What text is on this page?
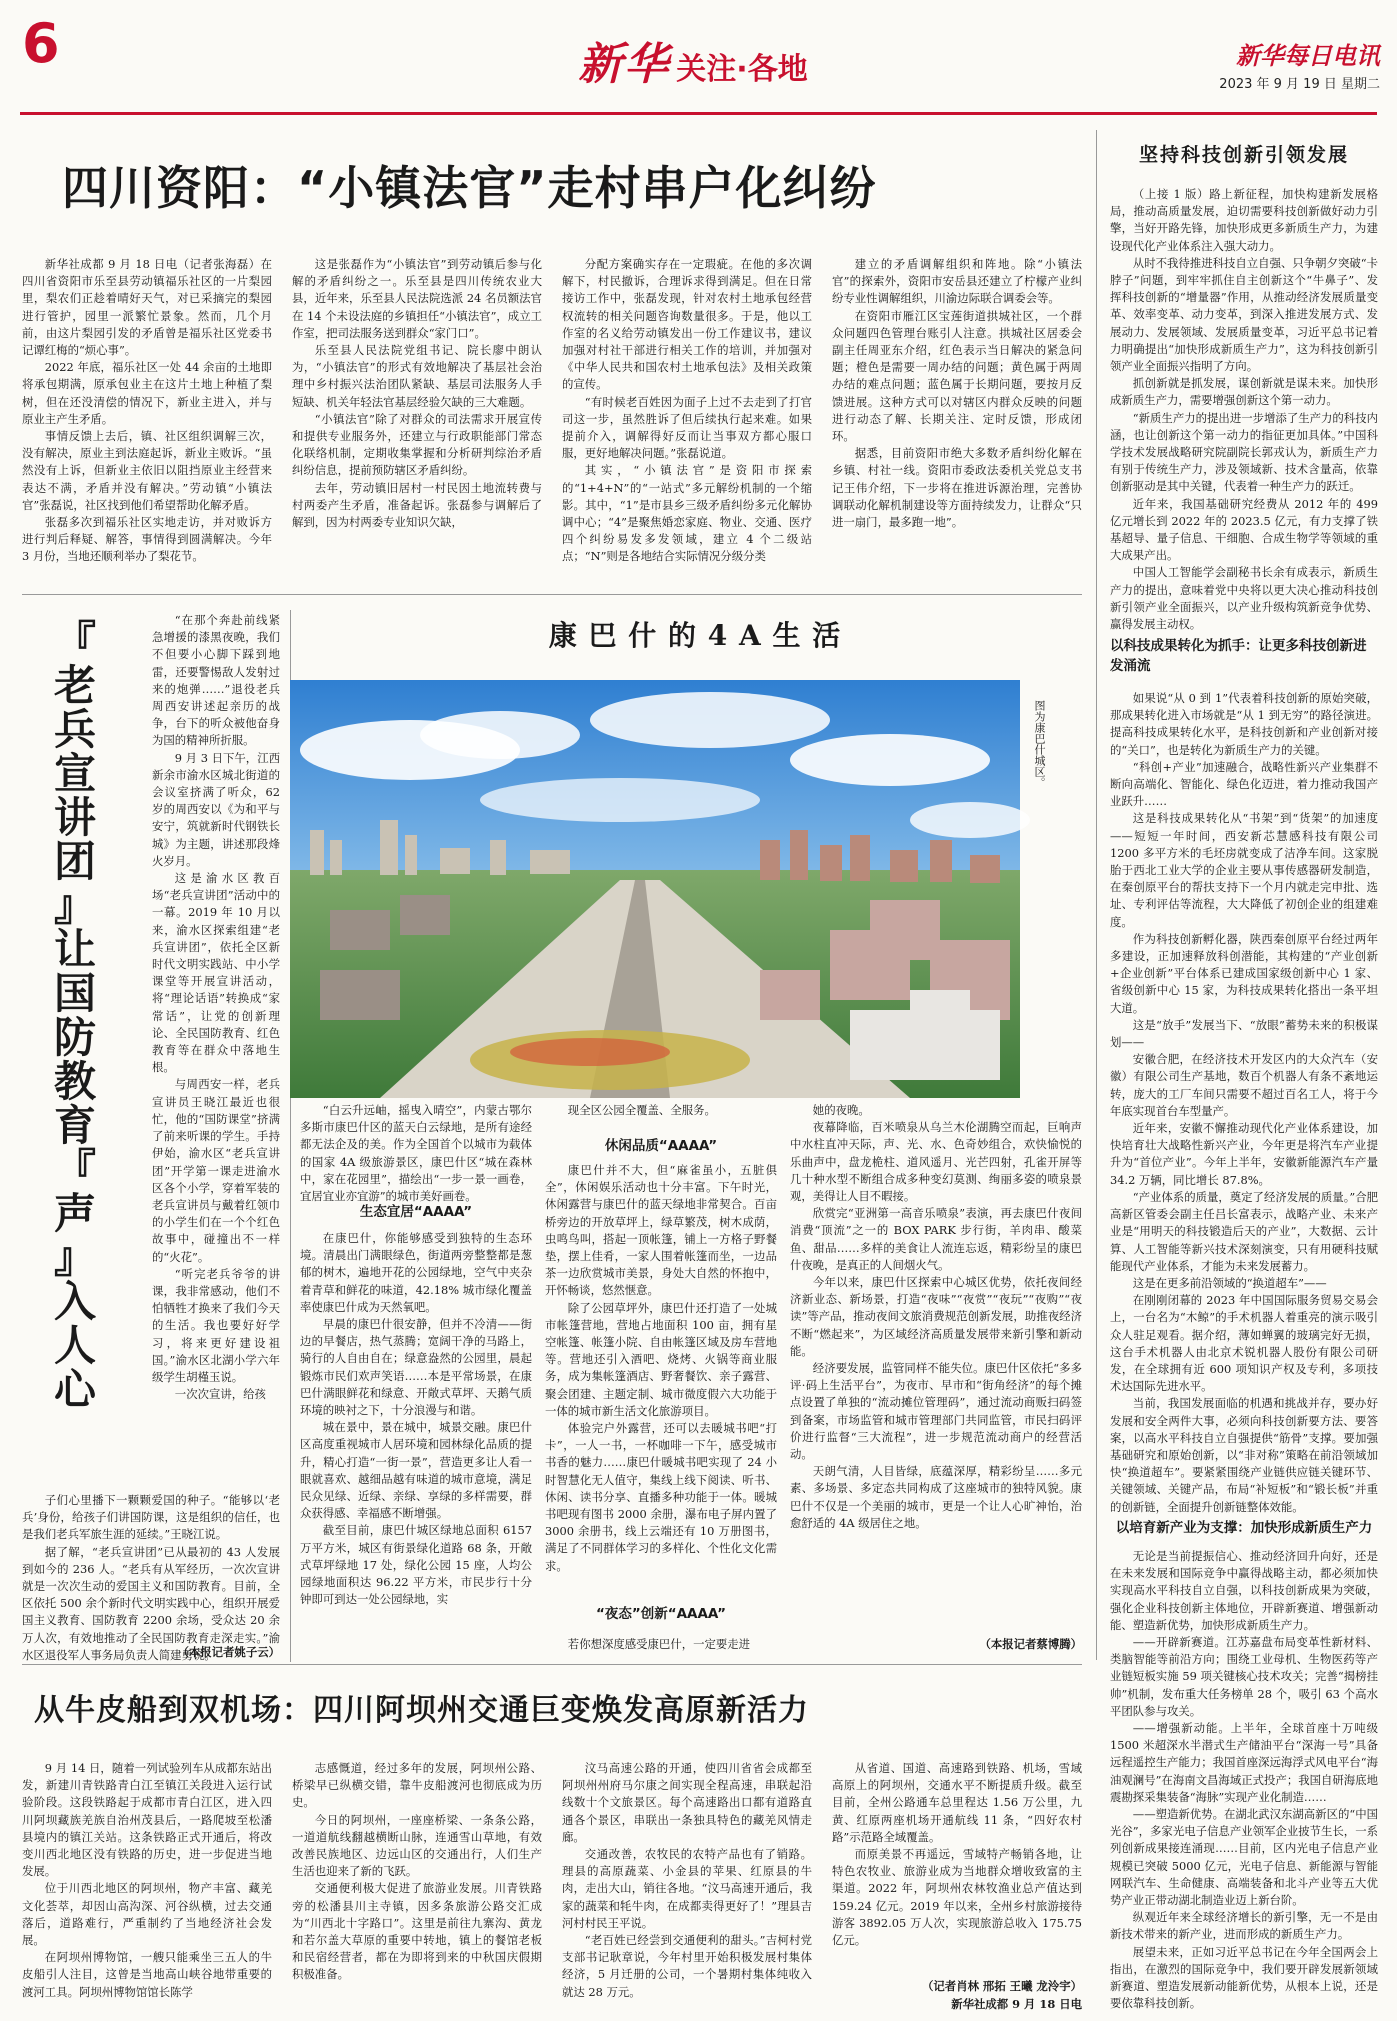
6	新华 关注·各地	新华每日电讯
2023 年 9 月 19 日 星期二
四川资阳：“小镇法官”走村串户化纠纷

新华社成都 9 月 18 日电（记者张海磊）在四川省资阳市乐至县劳动镇福乐社区的一片梨园里，梨农们正趁着晴好天气，对已采摘完的梨园进行管护，园里一派繁忙景象。然而，几个月前，由这片梨园引发的矛盾曾是福乐社区党委书记谭红梅的“烦心事”。

2022 年底，福乐社区一处 44 余亩的土地即将承包期满，原承包业主在这片土地上种植了梨树，但在还没清偿的情况下，新业主进入，并与原业主产生矛盾。

事情反馈上去后，镇、社区组织调解三次，没有解决，原业主到法庭起诉，新业主败诉。“虽然没有上诉，但新业主依旧以阻挡原业主经营来表达不满，矛盾并没有解决。”劳动镇“小镇法官”张磊说，社区找到他们希望帮助化解矛盾。

张磊多次到福乐社区实地走访，并对败诉方进行判后释疑、解答，事情得到圆满解决。今年 3 月份，当地还顺利举办了梨花节。

这是张磊作为“小镇法官”到劳动镇后参与化解的矛盾纠纷之一。乐至县是四川传统农业大县，近年来，乐至县人民法院选派 24 名员额法官在 14 个未设法庭的乡镇担任“小镇法官”，成立工作室，把司法服务送到群众“家门口”。

乐至县人民法院党组书记、院长廖中朗认为，“小镇法官”的形式有效地解决了基层社会治理中乡村振兴法治团队紧缺、基层司法服务人手短缺、机关年轻法官基层经验欠缺的三大难题。

“小镇法官”除了对群众的司法需求开展宣传和提供专业服务外，还建立与行政职能部门常态化联络机制，定期收集掌握和分析研判综治矛盾纠纷信息，提前预防辖区矛盾纠纷。

去年，劳动镇旧居村一村民因土地流转费与村两委产生矛盾，准备起诉。张磊参与调解后了解到，因为村两委专业知识欠缺，

分配方案确实存在一定瑕疵。在他的多次调解下，村民撤诉，合理诉求得到满足。但在日常接访工作中，张磊发现，针对农村土地承包经营权流转的相关问题咨询数量很多。于是，他以工作室的名义给劳动镇发出一份工作建议书，建议加强对村社干部进行相关工作的培训，并加强对《中华人民共和国农村土地承包法》及相关政策的宣传。

“有时候老百姓因为面子上过不去走到了打官司这一步，虽然胜诉了但后续执行起来难。如果提前介入，调解得好反而让当事双方都心服口服，更好地解决问题。”张磊说道。

其实，“小镇法官”是资阳市探索的“1+4+N”的“一站式”多元解纷机制的一个缩影。其中，“1”是市县乡三级矛盾纠纷多元化解协调中心；“4”是聚焦婚恋家庭、物业、交通、医疗四个纠纷易发多发领域，建立 4 个二级站点；“N”则是各地结合实际情况分级分类

建立的矛盾调解组织和阵地。除“小镇法官”的探索外，资阳市安岳县还建立了柠檬产业纠纷专业性调解组织，川渝边际联合调委会等。

在资阳市雁江区宝莲街道拱城社区，一个群众问题四色管理台账引人注意。拱城社区居委会副主任周亚东介绍，红色表示当日解决的紧急问题；橙色是需要一周办结的问题；黄色属于两周办结的难点问题；蓝色属于长期问题，要按月反馈进展。这种方式可以对辖区内群众反映的问题进行动态了解、长期关注、定时反馈，形成闭环。

据悉，目前资阳市绝大多数矛盾纠纷化解在乡镇、村社一线。资阳市委政法委机关党总支书记王伟介绍，下一步将在推进诉源治理，完善协调联动化解机制建设等方面持续发力，让群众“只进一扇门，最多跑一地”。

坚持科技创新引领发展

（上接 1 版）路上新征程，加快构建新发展格局，推动高质量发展，迫切需要科技创新做好动力引擎，当好开路先锋，加快形成更多新质生产力，为建设现代化产业体系注入强大动力。

从时不我待推进科技自立自强、只争朝夕突破“卡脖子”问题，到牢牢抓住自主创新这个“牛鼻子”、发挥科技创新的“增量器”作用，从推动经济发展质量变革、效率变革、动力变革，到深入推进发展方式、发展动力、发展领域、发展质量变革，习近平总书记着力明确提出“加快形成新质生产力”，这为科技创新引领产业全面振兴指明了方向。

抓创新就是抓发展，谋创新就是谋未来。加快形成新质生产力，需要增强创新这个第一动力。

“新质生产力的提出进一步增添了生产力的科技内涵，也让创新这个第一动力的指征更加具体。”中国科学技术发展战略研究院副院长郭戎认为，新质生产力有别于传统生产力，涉及领域新、技术含量高，依靠创新驱动是其中关键，代表着一种生产力的跃迁。

近年来，我国基础研究经费从 2012 年的 499 亿元增长到 2022 年的 2023.5 亿元，有力支撑了铁基超导、量子信息、干细胞、合成生物学等领域的重大成果产出。

中国人工智能学会副秘书长余有成表示，新质生产力的提出，意味着党中央将以更大决心推动科技创新引领产业全面振兴，以产业升级构筑新竞争优势、赢得发展主动权。

以科技成果转化为抓手：让更多科技创新进发涌流

如果说“从 0 到 1”代表着科技创新的原始突破，那成果转化进入市场就是“从 1 到无穷”的路径演进。提高科技成果转化水平，是科技创新和产业创新对接的“关口”，也是转化为新质生产力的关键。

“科创+产业”加速融合，战略性新兴产业集群不断向高端化、智能化、绿色化迈进，着力推动我国产业跃升……

这是科技成果转化从“书架”到“货架”的加速度——短短一年时间，西安新芯慧感科技有限公司 1200 多平方米的毛坯房就变成了洁净车间。这家脱胎于西北工业大学的企业主要从事传感器研发制造，在秦创原平台的帮扶支持下一个月内就走完申批、选址、专利评估等流程，大大降低了初创企业的组建难度。

作为科技创新孵化器，陕西秦创原平台经过两年多建设，正加速释放科创潜能，其构建的“产业创新+企业创新”平台体系已建成国家级创新中心 1 家、省级创新中心 15 家，为科技成果转化搭出一条平坦大道。

这是“放手”发展当下、“放眼”蓄势未来的积极谋划——

安徽合肥，在经济技术开发区内的大众汽车（安徽）有限公司生产基地，数百个机器人有条不紊地运转，庞大的工厂车间只需要不超过百名工人，将于今年底实现首台车型量产。

近年来，安徽不懈推动现代化产业体系建设，加快培育壮大战略性新兴产业，今年更是将汽车产业提升为“首位产业”。今年上半年，安徽新能源汽车产量 34.2 万辆，同比增长 87.8%。

“产业体系的质量，奠定了经济发展的质量。”合肥高新区管委会副主任吕长富表示，战略产业、未来产业是“用明天的科技锻造后天的产业”，大数据、云计算、人工智能等新兴技术深刻演变，只有用硬科技赋能现代产业体系，才能为未来发展蓄力。

这是在更多前沿领域的“换道超车”——

在刚刚闭幕的 2023 年中国国际服务贸易交易会上，一台名为“木鲸”的手术机器人着重亮的演示吸引众人驻足观看。据介绍，薄如蝉翼的玻璃完好无损，这台手术机器人由北京术锐机器人股份有限公司研发，在全球拥有近 600 项知识产权及专利，多项技术达国际先进水平。

当前，我国发展面临的机遇和挑战并存，要办好发展和安全两件大事，必须向科技创新要方法、要答案，以高水平科技自立自强提供“筋骨”支撑。要加强基础研究和原始创新，以“非对称”策略在前沿领域加快“换道超车”。要紧紧围绕产业链供应链关键环节、关键领域、关键产品，布局“补短板”和“锻长板”并重的创新链，全面提升创新链整体效能。

以培育新产业为支撑：加快形成新质生产力

无论是当前提振信心、推动经济回升向好，还是在未来发展和国际竞争中赢得战略主动，都必须加快实现高水平科技自立自强，以科技创新成果为突破，强化企业科技创新主体地位，开辟新赛道、增强新动能、塑造新优势，加快形成新质生产力。

——开辟新赛道。江苏嘉盘布局变革性新材料、类脑智能等前沿方向；围绕工业母机、生物医药等产业链短板实施 59 项关键核心技术攻关；完善“揭榜挂帅”机制，发布重大任务榜单 28 个，吸引 63 个高水平团队参与攻关。

——增强新动能。上半年，全球首座十万吨级 1500 米超深水半潜式生产储油平台“深海一号”具备远程遥控生产能力；我国首座深远海浮式风电平台“海油观澜号”在海南文昌海域正式投产；我国自研海底地震勘探采集装备“海脉”实现产业化制造……

——塑造新优势。在湖北武汉东湖高新区的“中国光谷”，多家光电子信息产业领军企业披节生长，一系列创新成果接连涌现……目前，区内光电子信息产业规模已突破 5000 亿元，光电子信息、新能源与智能网联汽车、生命健康、高端装备和北斗产业等五大优势产业正带动湖北制造业迈上新台阶。

纵观近年来全球经济增长的新引擎，无一不是由新技术带来的新产业，进而形成的新质生产力。

展望未来，正如习近平总书记在今年全国两会上指出，在激烈的国际竞争中，我们要开辟发展新领域新赛道、塑造发展新动能新优势，从根本上说，还是要依靠科技创新。

『
老
兵
宣
讲
团
』
让
国
防
教
育
『
声
』
入
人
心

“在那个奔赴前线紧急增援的漆黑夜晚，我们不但要小心脚下踩到地雷，还要警惕敌人发射过来的炮弹……”退役老兵周西安讲述起亲历的战争，台下的听众被他奋身为国的精神所折服。

9 月 3 日下午，江西新余市渝水区城北街道的会议室挤满了听众，62 岁的周西安以《为和平与安宁，筑就新时代钢铁长城》为主题，讲述那段烽火岁月。

这是渝水区教百场“老兵宣讲团”活动中的一幕。2019 年 10 月以来，渝水区探索组建“老兵宣讲团”，依托全区新时代文明实践站、中小学课堂等开展宣讲活动，将“理论话语”转换成“家常话”，让党的创新理论、全民国防教育、红色教育等在群众中落地生根。

与周西安一样，老兵宣讲员王晓江最近也很忙，他的“国防课堂”挤满了前来听课的学生。手持伊始，渝水区“老兵宣讲团”开学第一课走进渝水区各个小学，穿着军装的老兵宣讲员与戴着红领巾的小学生们在一个个红色故事中，碰撞出不一样的“火花”。

“听完老兵爷爷的讲课，我非常感动，他们不怕牺牲才换来了我们今天的生活。我也要好好学习，将来更好建设祖国。”渝水区北湖小学六年级学生胡槿玉说。

一次次宣讲，给孩

子们心里播下一颗颗爱国的种子。“能够以‘老兵’身份，给孩子们讲国防课，这是组织的信任，也是我们老兵军旅生涯的延续。”王晓江说。

据了解，“老兵宣讲团”已从最初的 43 人发展到如今的 236 人。“老兵有从军经历，一次次宣讲就是一次次生动的爱国主义和国防教育。目前，全区依托 500 余个新时代文明实践中心，组织开展爱国主义教育、国防教育 2200 余场，受众达 20 余万人次，有效地推动了全民国防教育走深走实。”渝水区退役军人事务局负责人简建勇说。

（本报记者姚子云）
康 巴 什 的 4 A 生 活
图为康巴什城区。

“白云升远岫，摇曳入晴空”，内蒙古鄂尔多斯市康巴什区的蓝天白云绿地，是所有途经都无法企及的美。作为全国首个以城市为载体的国家 4A 级旅游景区，康巴什区“城在森林中，家在花园里”，描绘出“一步一景一画卷，宜居宜业亦宜游”的城市美好画卷。

生态宜居“AAAA”

在康巴什，你能够感受到独特的生态环境。清晨出门满眼绿色，街道两旁整整都是葱郁的树木，遍地开花的公园绿地，空气中夹杂着青草和鲜花的味道，42.18% 城市绿化覆盖率使康巴什成为天然氧吧。

早晨的康巴什很安静，但并不冷清——街边的早餐店，热气蒸腾；宽阔干净的马路上，骑行的人自由自在；绿意盎然的公园里，晨起锻炼市民们欢声笑语……本是平常场景，在康巴什满眼鲜花和绿意、开敞式草坪、天鹅气质环境的映衬之下，十分浪漫与和谐。

城在景中，景在城中，城景交融。康巴什区高度重视城市人居环境和园林绿化品质的提升，精心打造“一街一景”，营造更多让人看一眼就喜欢、越细品越有味道的城市意境，满足民众见绿、近绿、亲绿、享绿的多样需要，群众获得感、幸福感不断增强。

截至目前，康巴什城区绿地总面积 6157 万平方米，城区有街景绿化道路 68 条，开敞式草坪绿地 17 处，绿化公园 15 座，人均公园绿地面积达 96.22 平方米，市民步行十分钟即可到达一处公园绿地，实

现全区公园全覆盖、全服务。

休闲品质“AAAA”

康巴什并不大，但“麻雀虽小，五脏俱全”，休闲娱乐活动也十分丰富。下午时光，休闲露营与康巴什的蓝天绿地非常契合。百亩桥旁边的开放草坪上，绿草繁茂，树木成荫，虫鸣鸟叫，搭起一顶帐篷，铺上一方格子野餐垫，摆上佳肴，一家人围着帐篷而坐，一边品茶一边欣赏城市美景，身处大自然的怀抱中，开怀畅谈，悠然惬意。

除了公园草坪外，康巴什还打造了一处城市帐篷营地，营地占地面积 100 亩，拥有星空帐篷、帐篷小院、自由帐篷区域及房车营地等。营地还引入酒吧、烧烤、火锅等商业服务，成为集帐篷酒店、野奢餐饮、亲子露营、聚会团建、主题定制、城市微度假六大功能于一体的城市新生活文化旅游项目。

体验完户外露营，还可以去暖城书吧“打卡”，一人一书，一杯咖啡一下午，感受城市书香的魅力……康巴什暖城书吧实现了 24 小时智慧化无人值守，集线上线下阅读、听书、休闲、读书分享、直播多种功能于一体。暖城书吧现有图书 2000 余册，瀑布电子屏内置了 3000 余册书，线上云端还有 10 万册图书，满足了不同群体学习的多样化、个性化文化需求。

“夜态”创新“AAAA”

若你想深度感受康巴什，一定要走进

她的夜晚。

夜幕降临，百米喷泉从乌兰木伦湖腾空而起，巨响声中水柱直冲天际，声、光、水、色奇妙组合，欢快愉悦的乐曲声中，盘龙桅柱、道风遥月、光芒四射，孔雀开屏等几十种水型不断组合成多种变幻莫测、绚丽多姿的喷泉景观，美得让人目不暇接。

欣赏完“亚洲第一高音乐喷泉”表演，再去康巴什夜间消费“顶流”之一的 BOX PARK 步行街，羊肉串、酸菜鱼、甜品……多样的美食让人流连忘返，精彩纷呈的康巴什夜晚，是真正的人间烟火气。

今年以来，康巴什区探索中心城区优势，依托夜间经济新业态、新场景，打造“夜味”“夜赏”“夜玩”“夜购”“夜读”等产品，推动夜间文旅消费规范创新发展，助推夜经济不断“燃起来”，为区域经济高质量发展带来新引擎和新动能。

经济要发展，监管同样不能失位。康巴什区依托“多多评·码上生活平台”，为夜市、早市和“街角经济”的每个摊点设置了单独的“流动摊位管理码”，通过流动商贩扫码签到备案，市场监管和城市管理部门共同监管，市民扫码评价进行监督“三大流程”，进一步规范流动商户的经营活动。

天朗气清，人目皆绿，底蕴深厚，精彩纷呈……多元素、多场景、多定态共同构成了这座城市的独特风貌。康巴什不仅是一个美丽的城市，更是一个让人心旷神怡，治愈舒适的 4A 级居住之地。

（本报记者蔡博腾）
从牛皮船到双机场：四川阿坝州交通巨变焕发高原新活力

9 月 14 日，随着一列试验列车从成都东站出发，新建川青铁路青白江至镇江关段进入运行试验阶段。这段铁路起于成都市青白江区，进入四川阿坝藏族羌族自治州茂县后，一路爬坡至松潘县境内的镇江关站。这条铁路正式开通后，将改变川西北地区没有铁路的历史，进一步促进当地发展。

位于川西北地区的阿坝州，物产丰富、藏羌文化荟萃，却因山高沟深、河谷纵横，过去交通落后，道路难行，严重制约了当地经济社会发展。

在阿坝州博物馆，一艘只能乘坐三五人的牛皮船引人注目，这曾是当地高山峡谷地带重要的渡河工具。阿坝州博物馆馆长陈学

志感慨道，经过多年的发展，阿坝州公路、桥梁早已纵横交错，靠牛皮船渡河也彻底成为历史。

今日的阿坝州，一座座桥梁、一条条公路，一道道航线翻越横断山脉，连通雪山草地，有效改善民族地区、边远山区的交通出行，人们生产生活也迎来了新的飞跃。

交通便利极大促进了旅游业发展。川青铁路旁的松潘县川主寺镇，因多条旅游公路交汇成为“川西北十字路口”。这里是前往九寨沟、黄龙和若尔盖大草原的重要中转地，镇上的餐馆老板和民宿经营者，都在为即将到来的中秋国庆假期积极准备。

汶马高速公路的开通，使四川省省会成都至阿坝州州府马尔康之间实现全程高速，串联起沿线数十个文旅景区。每个高速路出口都有道路直通各个景区，串联出一条独具特色的藏羌风情走廊。

交通改善，农牧民的农特产品也有了销路。理县的高原蔬菜、小金县的苹果、红原县的牛肉，走出大山，销往各地。“汶马高速开通后，我家的蔬菜和牦牛肉，在成都卖得更好了！”理县吉河村村民王平说。

“老百姓已经尝到交通便利的甜头。”吉柯村党支部书记耿章说，今年村里开始积极发展村集体经济，5 月迁册的公司，一个暑期村集体纯收入就达 28 万元。

从省道、国道、高速路到铁路、机场，雪域高原上的阿坝州，交通水平不断提质升级。截至目前，全州公路通车总里程达 1.56 万公里，九黄、红原两座机场开通航线 11 条，“四好农村路”示范路全域覆盖。

而原美景不再遥远，雪域特产畅销各地，让特色农牧业、旅游业成为当地群众增收致富的主渠道。2022 年，阿坝州农林牧渔业总产值达到 159.24 亿元。2019 年以来，全州乡村旅游接待游客 3892.05 万人次，实现旅游总收入 175.75 亿元。

（记者肖林 邢拓 王曦 龙泠宇）
新华社成都 9 月 18 日电
